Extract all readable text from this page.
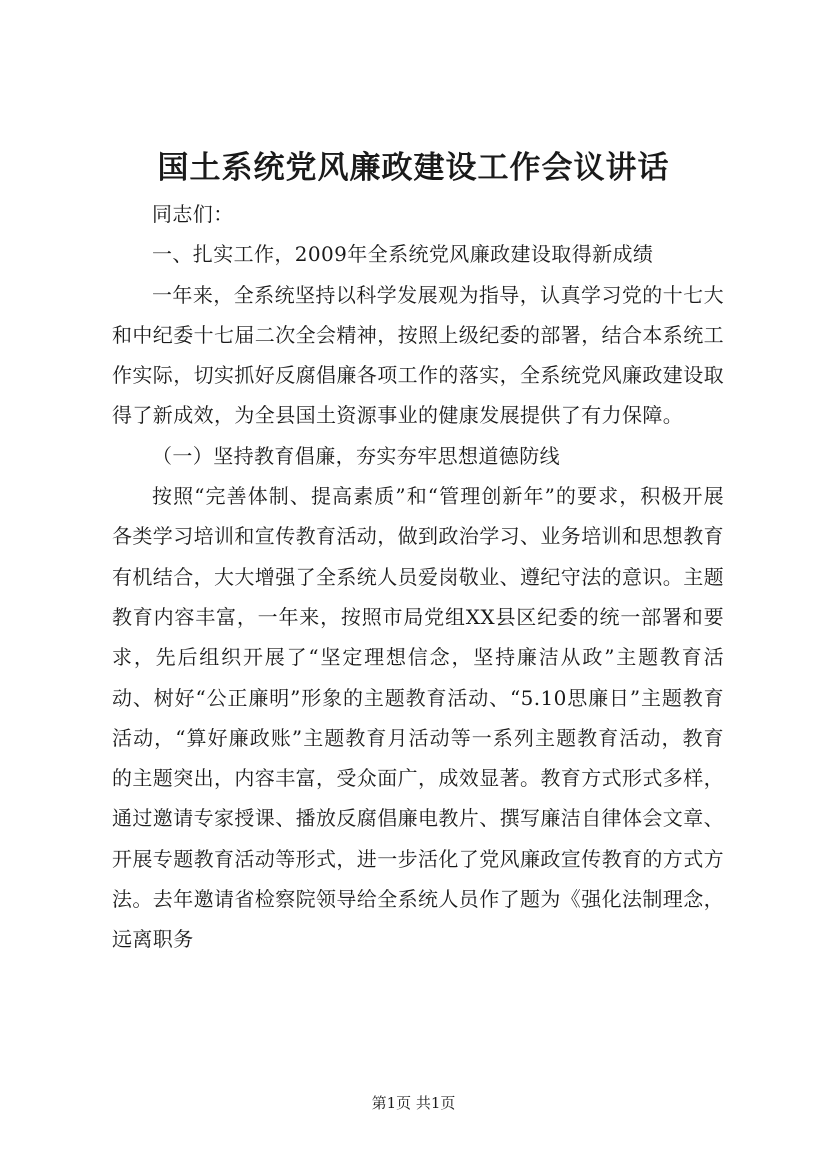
国土系统党风廉政建设工作会议讲话

同志们：

一、扎实工作，2009年全系统党风廉政建设取得新成绩

一年来，全系统坚持以科学发展观为指导，认真学习党的十七大和中纪委十七届二次全会精神，按照上级纪委的部署，结合本系统工作实际，切实抓好反腐倡廉各项工作的落实，全系统党风廉政建设取得了新成效，为全县国土资源事业的健康发展提供了有力保障。

（一）坚持教育倡廉，夯实夯牢思想道德防线

按照“完善体制、提高素质”和“管理创新年”的要求，积极开展各类学习培训和宣传教育活动，做到政治学习、业务培训和思想教育有机结合，大大增强了全系统人员爱岗敬业、遵纪守法的意识。主题教育内容丰富，一年来，按照市局党组XX县区纪委的统一部署和要求，先后组织开展了“坚定理想信念，坚持廉洁从政”主题教育活动、树好“公正廉明”形象的主题教育活动、“5.10思廉日”主题教育活动，“算好廉政账”主题教育月活动等一系列主题教育活动，教育的主题突出，内容丰富，受众面广，成效显著。教育方式形式多样，通过邀请专家授课、播放反腐倡廉电教片、撰写廉洁自律体会文章、开展专题教育活动等形式，进一步活化了党风廉政宣传教育的方式方法。去年邀请省检察院领导给全系统人员作了题为《强化法制理念，远离职务

第1页 共1页
